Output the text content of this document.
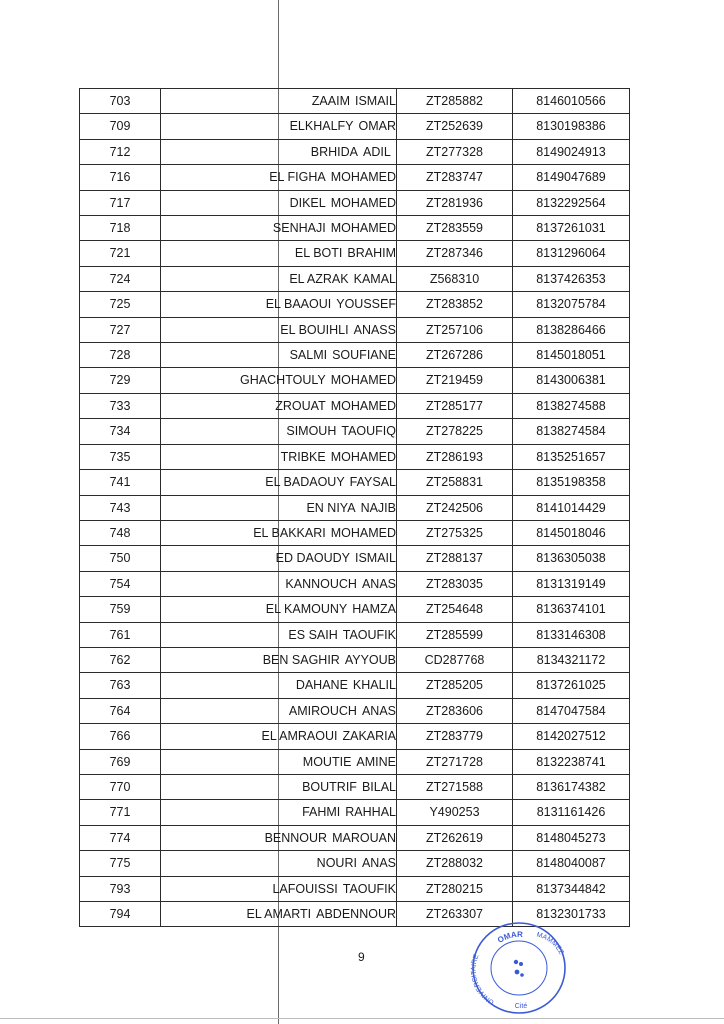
703	ZAAIM ISMAIL	ZT285882	8146010566
709	ELKHALFY OMAR	ZT252639	8130198386
712	BRHIDA ADIL	ZT277328	8149024913
716	EL FIGHA MOHAMED	ZT283747	8149047689
717	DIKEL MOHAMED	ZT281936	8132292564
718	SENHAJI MOHAMED	ZT283559	8137261031
721	EL BOTI BRAHIM	ZT287346	8131296064
724	EL AZRAK KAMAL	Z568310	8137426353
725	EL BAAOUI YOUSSEF	ZT283852	8132075784
727	EL BOUIHLI ANASS	ZT257106	8138286466
728	SALMI SOUFIANE	ZT267286	8145018051
729	GHACHTOULY MOHAMED	ZT219459	8143006381
733	ZROUAT MOHAMED	ZT285177	8138274588
734	SIMOUH TAOUFIQ	ZT278225	8138274584
735	TRIBKE MOHAMED	ZT286193	8135251657
741	EL BADAOUY FAYSAL	ZT258831	8135198358
743	EN NIYA NAJIB	ZT242506	8141014429
748	EL BAKKARI MOHAMED	ZT275325	8145018046
750	ED DAOUDY ISMAIL	ZT288137	8136305038
754	KANNOUCH ANAS	ZT283035	8131319149
759	EL KAMOUNY HAMZA	ZT254648	8136374101
761	ES SAIH TAOUFIK	ZT285599	8133146308
762	BEN SAGHIR AYYOUB	CD287768	8134321172
763	DAHANE KHALIL	ZT285205	8137261025
764	AMIROUCH ANAS	ZT283606	8147047584
766	EL AMRAOUI ZAKARIA	ZT283779	8142027512
769	MOUTIE AMINE	ZT271728	8132238741
770	BOUTRIF BILAL	ZT271588	8136174382
771	FAHMI RAHHAL	Y490253	8131161426
774	BENNOUR MAROUAN	ZT262619	8148045273
775	NOURI ANAS	ZT288032	8148040087
793	LAFOUISSI TAOUFIK	ZT280215	8137344842
794	EL AMARTI ABDENNOUR	ZT263307	8132301733
9
OMAR MAMMEZ
UNIVERSITAIRE
Cité
